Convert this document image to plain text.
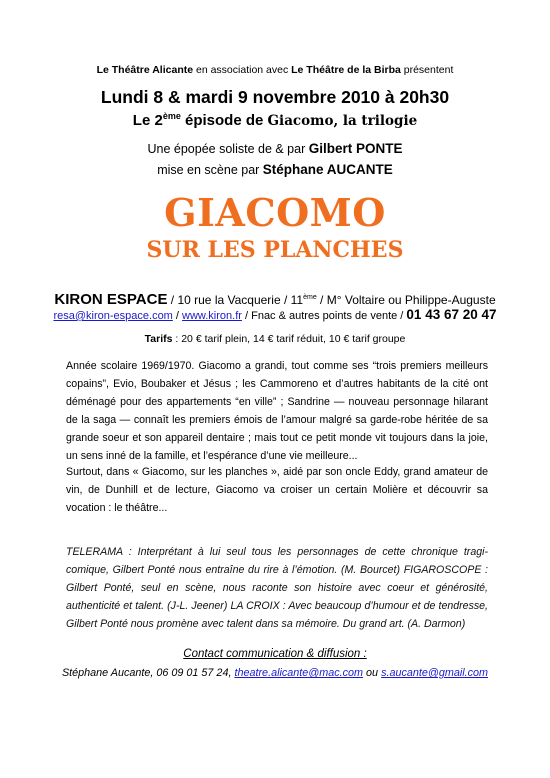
Le Théâtre Alicante en association avec Le Théâtre de la Birba présentent
Lundi 8 & mardi 9 novembre 2010 à 20h30
Le 2ème épisode de Giacomo, la trilogie
Une épopée soliste de & par Gilbert PONTE
mise en scène par Stéphane AUCANTE
GIACOMO
SUR LES PLANCHES
KIRON ESPACE / 10 rue la Vacquerie / 11ème / M° Voltaire ou Philippe-Auguste
resa@kiron-espace.com / www.kiron.fr / Fnac & autres points de vente / 01 43 67 20 47
Tarifs : 20 € tarif plein, 14 € tarif réduit, 10 € tarif groupe

Année scolaire 1969/1970. Giacomo a grandi, tout comme ses “trois premiers meilleurs copains”, Evio, Boubaker et Jésus ; les Cammoreno et d’autres habitants de la cité ont déménagé pour des appartements “en ville” ; Sandrine — nouveau personnage hilarant de la saga — connaît les premiers émois de l’amour malgré sa garde-robe héritée de sa grande soeur et son appareil dentaire ; mais tout ce petit monde vit toujours dans la joie, un sens inné de la famille, et l’espérance d’une vie meilleure...

Surtout, dans « Giacomo, sur les planches », aidé par son oncle Eddy, grand amateur de vin, de Dunhill et de lecture, Giacomo va croiser un certain Molière et découvrir sa vocation : le théâtre...

TELERAMA : Interprétant à lui seul tous les personnages de cette chronique tragi-comique, Gilbert Ponté nous entraîne du rire à l’émotion. (M. Bourcet) FIGAROSCOPE : Gilbert Ponté, seul en scène, nous raconte son histoire avec coeur et générosité, authenticité et talent. (J-L. Jeener) LA CROIX : Avec beaucoup d’humour et de tendresse, Gilbert Ponté nous promène avec talent dans sa mémoire. Du grand art. (A. Darmon)

Contact communication & diffusion :
Stéphane Aucante, 06 09 01 57 24, theatre.alicante@mac.com ou s.aucante@gmail.com
